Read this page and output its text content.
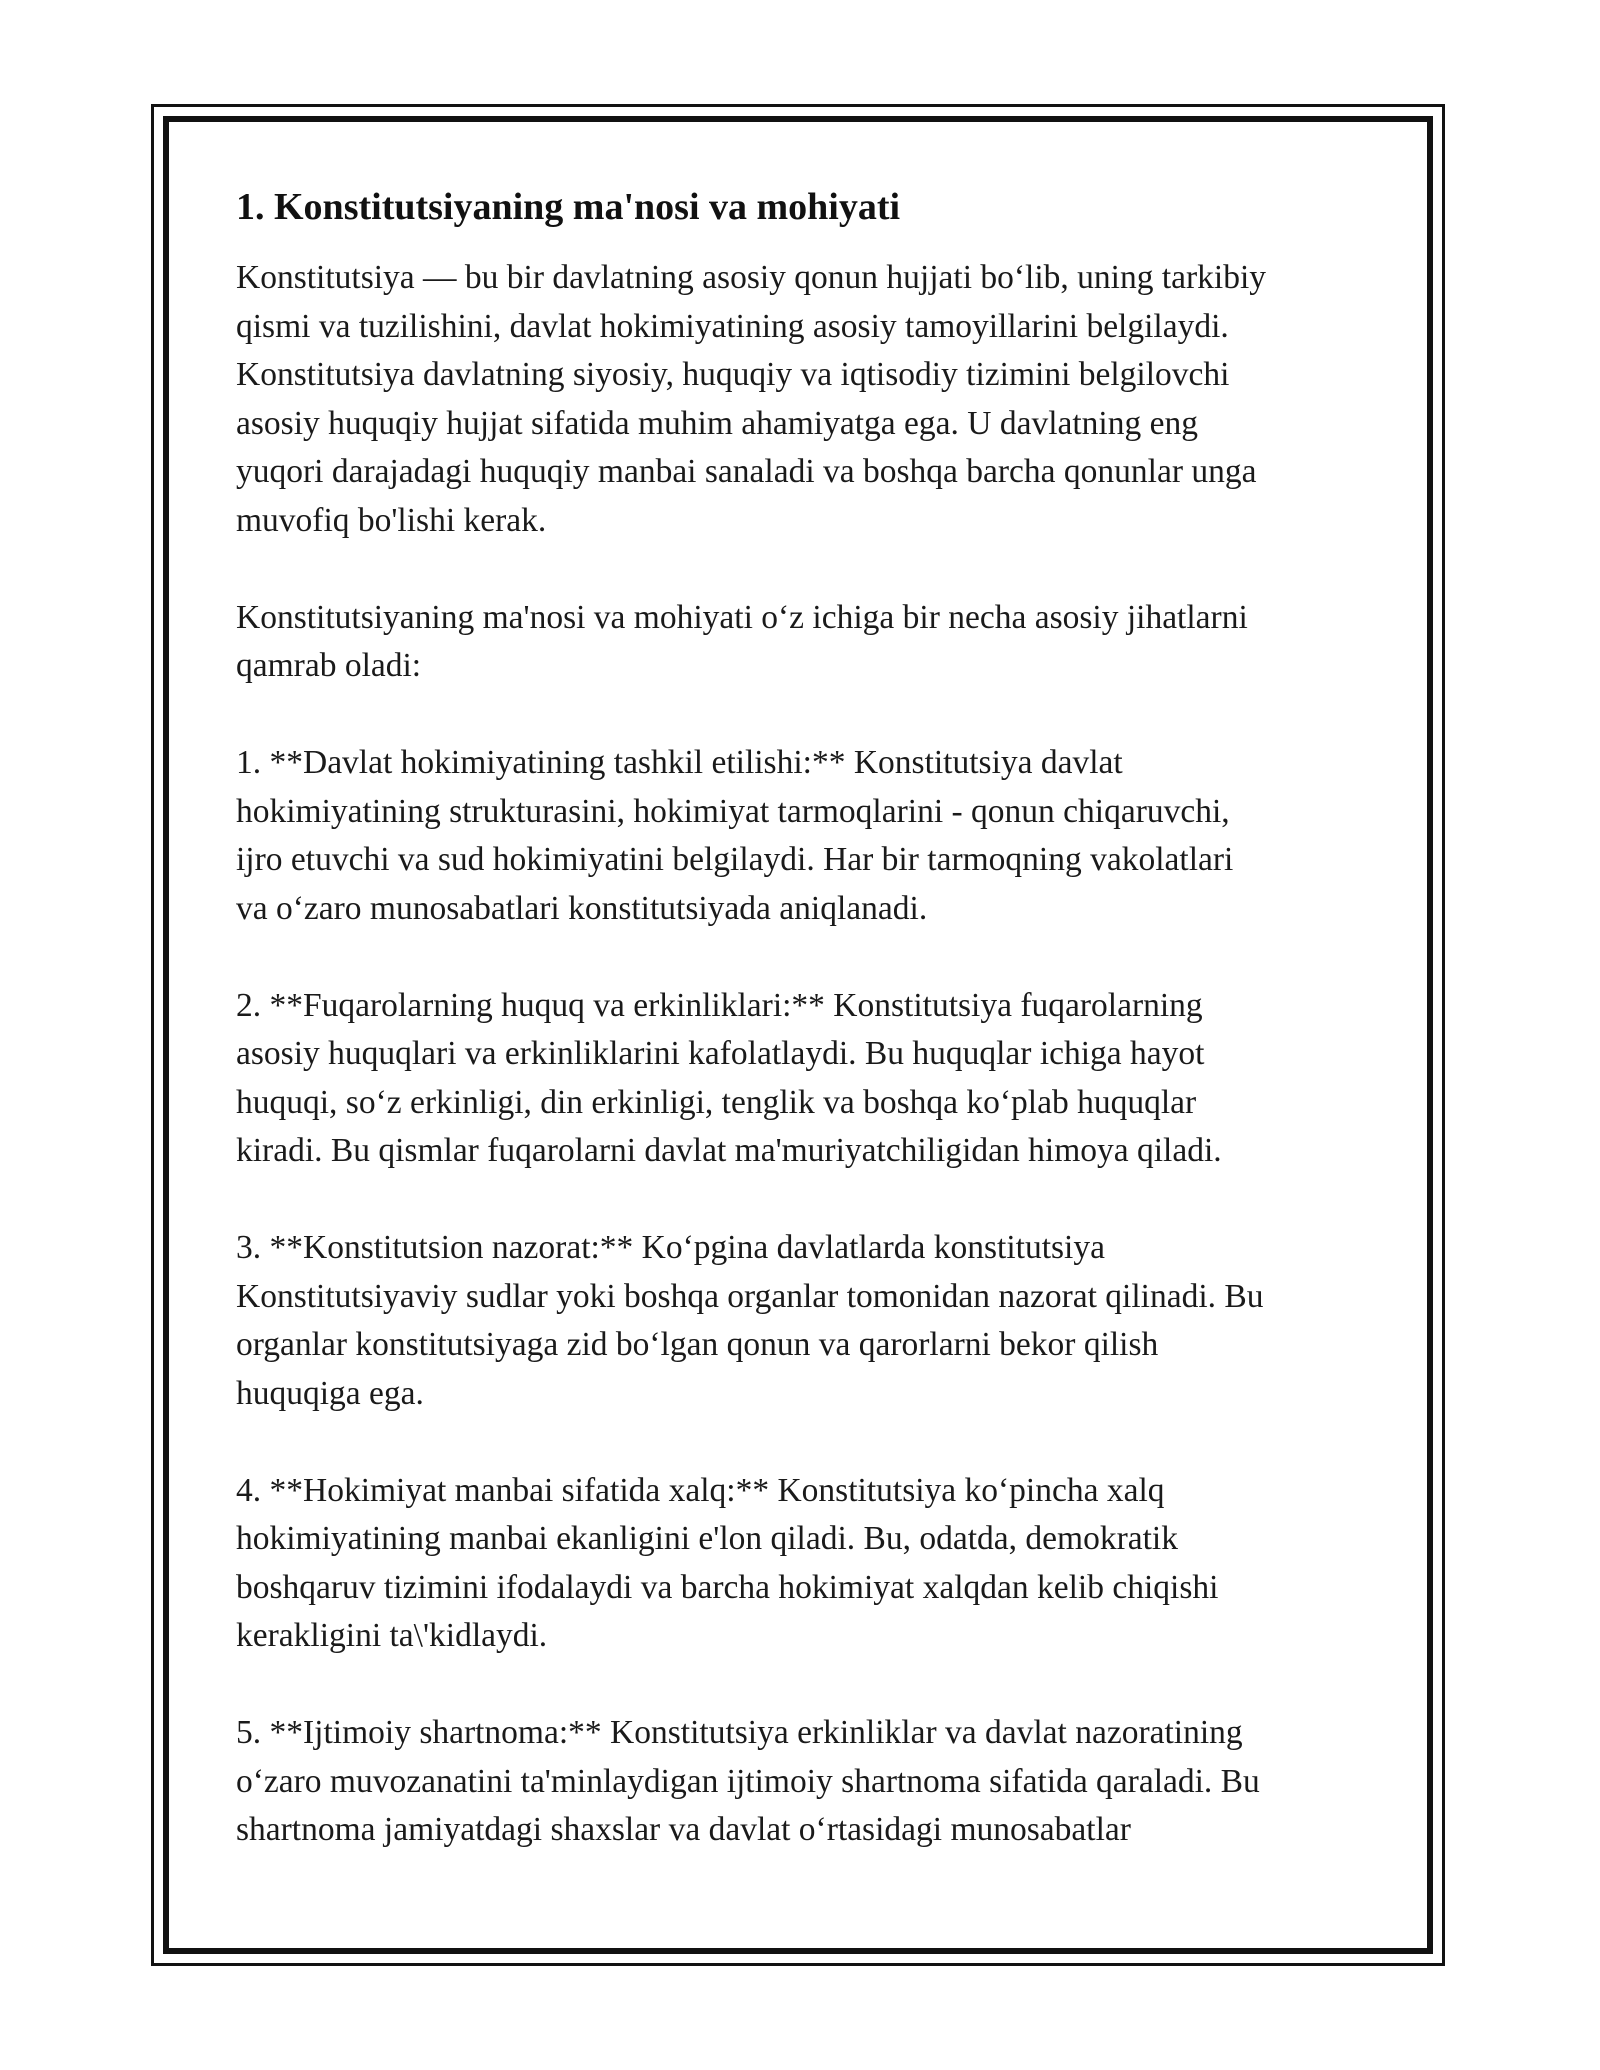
1. Konstitutsiyaning ma'nosi va mohiyati

Konstitutsiya — bu bir davlatning asosiy qonun hujjati bo‘lib, uning tarkibiy
qismi va tuzilishini, davlat hokimiyatining asosiy tamoyillarini belgilaydi.
Konstitutsiya davlatning siyosiy, huquqiy va iqtisodiy tizimini belgilovchi
asosiy huquqiy hujjat sifatida muhim ahamiyatga ega. U davlatning eng
yuqori darajadagi huquqiy manbai sanaladi va boshqa barcha qonunlar unga
muvofiq bo'lishi kerak.

Konstitutsiyaning ma'nosi va mohiyati o‘z ichiga bir necha asosiy jihatlarni
qamrab oladi:

1. **Davlat hokimiyatining tashkil etilishi:** Konstitutsiya davlat
hokimiyatining strukturasini, hokimiyat tarmoqlarini - qonun chiqaruvchi,
ijro etuvchi va sud hokimiyatini belgilaydi. Har bir tarmoqning vakolatlari
va o‘zaro munosabatlari konstitutsiyada aniqlanadi.

2. **Fuqarolarning huquq va erkinliklari:** Konstitutsiya fuqarolarning
asosiy huquqlari va erkinliklarini kafolatlaydi. Bu huquqlar ichiga hayot
huquqi, so‘z erkinligi, din erkinligi, tenglik va boshqa ko‘plab huquqlar
kiradi. Bu qismlar fuqarolarni davlat ma'muriyatchiligidan himoya qiladi.

3. **Konstitutsion nazorat:** Ko‘pgina davlatlarda konstitutsiya
Konstitutsiyaviy sudlar yoki boshqa organlar tomonidan nazorat qilinadi. Bu
organlar konstitutsiyaga zid bo‘lgan qonun va qarorlarni bekor qilish
huquqiga ega.

4. **Hokimiyat manbai sifatida xalq:** Konstitutsiya ko‘pincha xalq
hokimiyatining manbai ekanligini e'lon qiladi. Bu, odatda, demokratik
boshqaruv tizimini ifodalaydi va barcha hokimiyat xalqdan kelib chiqishi
kerakligini ta\'kidlaydi.

5. **Ijtimoiy shartnoma:** Konstitutsiya erkinliklar va davlat nazoratining
o‘zaro muvozanatini ta'minlaydigan ijtimoiy shartnoma sifatida qaraladi. Bu
shartnoma jamiyatdagi shaxslar va davlat o‘rtasidagi munosabatlar
